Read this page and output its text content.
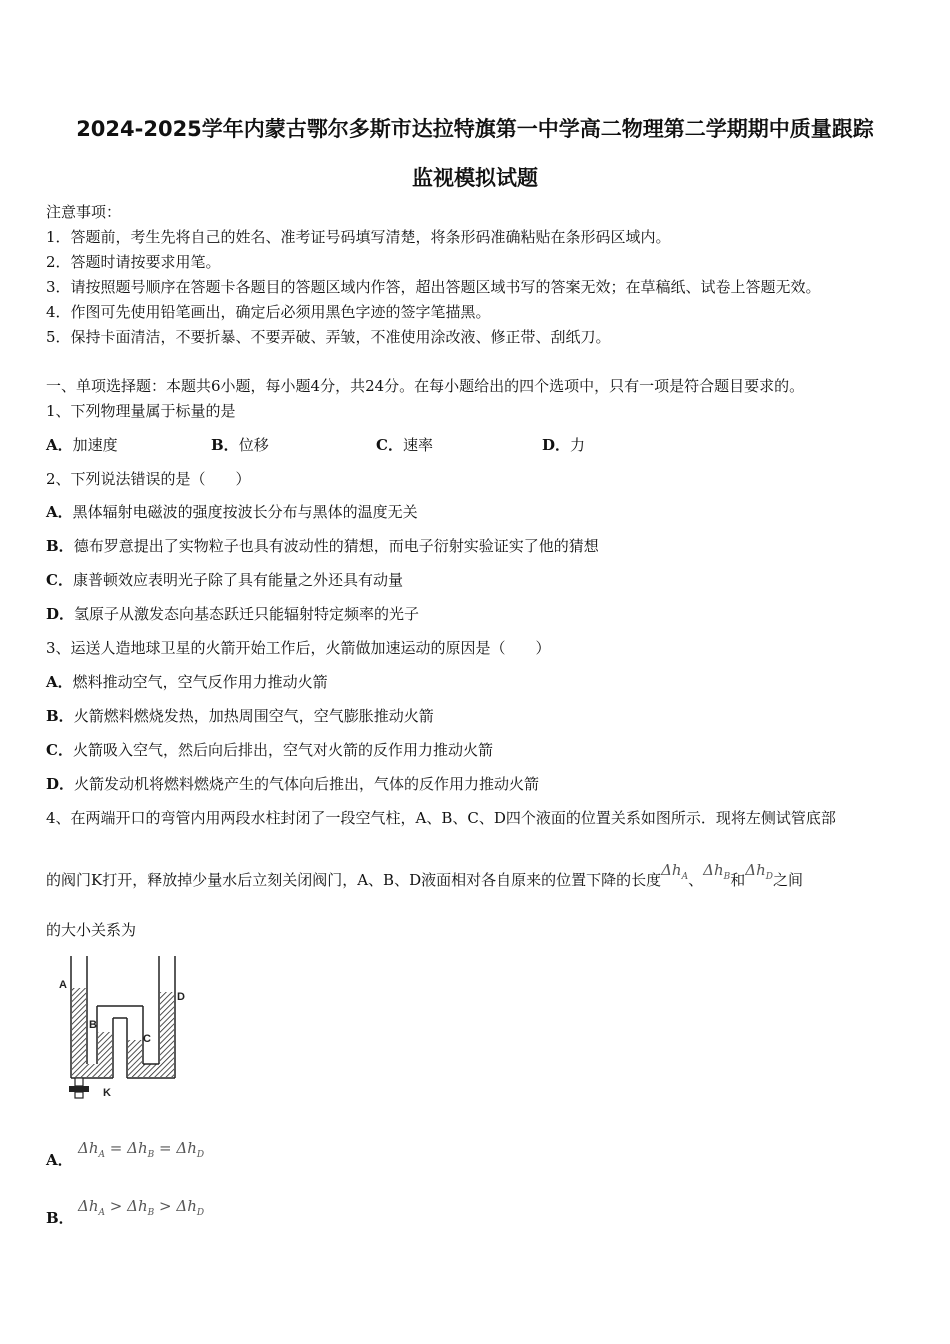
2024-2025学年内蒙古鄂尔多斯市达拉特旗第一中学高二物理第二学期期中质量跟踪
监视模拟试题
注意事项：
1．答题前，考生先将自己的姓名、准考证号码填写清楚，将条形码准确粘贴在条形码区域内。
2．答题时请按要求用笔。
3．请按照题号顺序在答题卡各题目的答题区域内作答，超出答题区域书写的答案无效；在草稿纸、试卷上答题无效。
4．作图可先使用铅笔画出，确定后必须用黑色字迹的签字笔描黑。
5．保持卡面清洁，不要折暴、不要弄破、弄皱，不准使用涂改液、修正带、刮纸刀。
一、单项选择题：本题共6小题，每小题4分，共24分。在每小题给出的四个选项中，只有一项是符合题目要求的。
1、下列物理量属于标量的是
A．加速度	B．位移	C．速率	D．力
2、下列说法错误的是（　　）
A．黑体辐射电磁波的强度按波长分布与黑体的温度无关
B．德布罗意提出了实物粒子也具有波动性的猜想，而电子衍射实验证实了他的猜想
C．康普顿效应表明光子除了具有能量之外还具有动量
D．氢原子从激发态向基态跃迁只能辐射特定频率的光子
3、运送人造地球卫星的火箭开始工作后，火箭做加速运动的原因是（　　）
A．燃料推动空气，空气反作用力推动火箭
B．火箭燃料燃烧发热，加热周围空气，空气膨胀推动火箭
C．火箭吸入空气，然后向后排出，空气对火箭的反作用力推动火箭
D．火箭发动机将燃料燃烧产生的气体向后推出，气体的反作用力推动火箭
4、在两端开口的弯管内用两段水柱封闭了一段空气柱，A、B、C、D四个液面的位置关系如图所示．现将左侧试管底部
的阀门K打开，释放掉少量水后立刻关闭阀门，A、B、D液面相对各自原来的位置下降的长度$\Delta h_A$、$\Delta h_B$和$\Delta h_D$之间
的大小关系为
A
B
C
D
K
A．
$\Delta h_A = \Delta h_B = \Delta h_D$
B．
$\Delta h_A > \Delta h_B > \Delta h_D$
